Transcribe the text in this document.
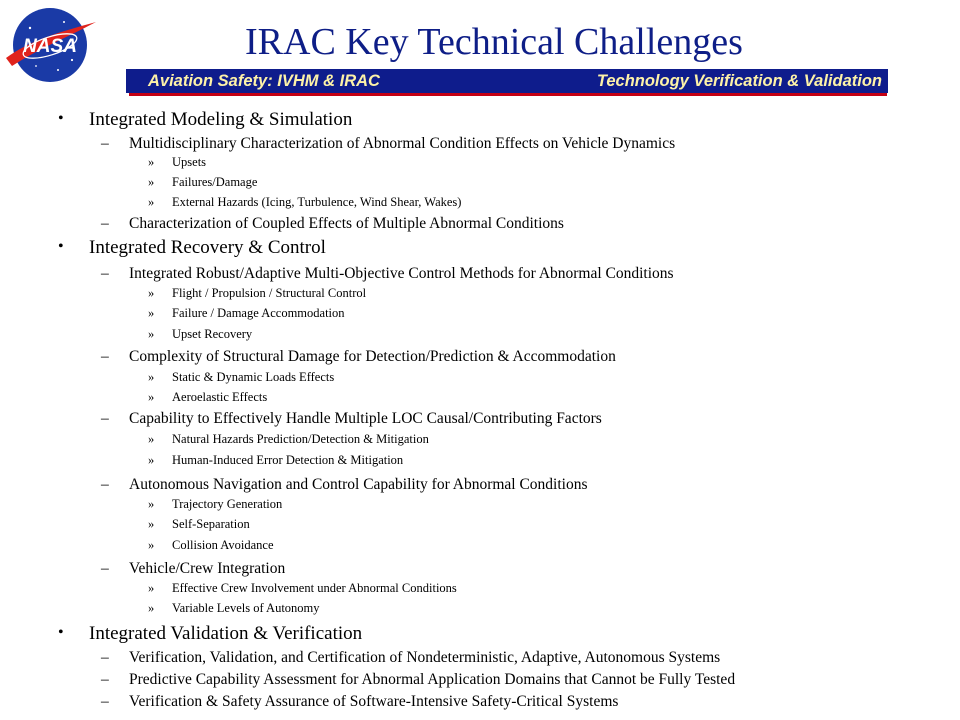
NASA	IRAC Key Technical Challenges
Aviation Safety: IVHM & IRAC	Technology Verification & Validation
• Integrated Modeling & Simulation
– Multidisciplinary Characterization of Abnormal Condition Effects on Vehicle Dynamics
» Upsets
» Failures/Damage
» External Hazards (Icing, Turbulence, Wind Shear, Wakes)
– Characterization of Coupled Effects of Multiple Abnormal Conditions
• Integrated Recovery & Control
– Integrated Robust/Adaptive Multi-Objective Control Methods for Abnormal Conditions
» Flight / Propulsion / Structural Control
» Failure / Damage Accommodation
» Upset Recovery
– Complexity of Structural Damage for Detection/Prediction & Accommodation
» Static & Dynamic Loads Effects
» Aeroelastic Effects
– Capability to Effectively Handle Multiple LOC Causal/Contributing Factors
» Natural Hazards Prediction/Detection & Mitigation
» Human-Induced Error Detection & Mitigation
– Autonomous Navigation and Control Capability for Abnormal Conditions
» Trajectory Generation
» Self-Separation
» Collision Avoidance
– Vehicle/Crew Integration
» Effective Crew Involvement under Abnormal Conditions
» Variable Levels of Autonomy
• Integrated Validation & Verification
– Verification, Validation, and Certification of Nondeterministic, Adaptive, Autonomous Systems
– Predictive Capability Assessment for Abnormal Application Domains that Cannot be Fully Tested
– Verification & Safety Assurance of Software-Intensive Safety-Critical Systems
